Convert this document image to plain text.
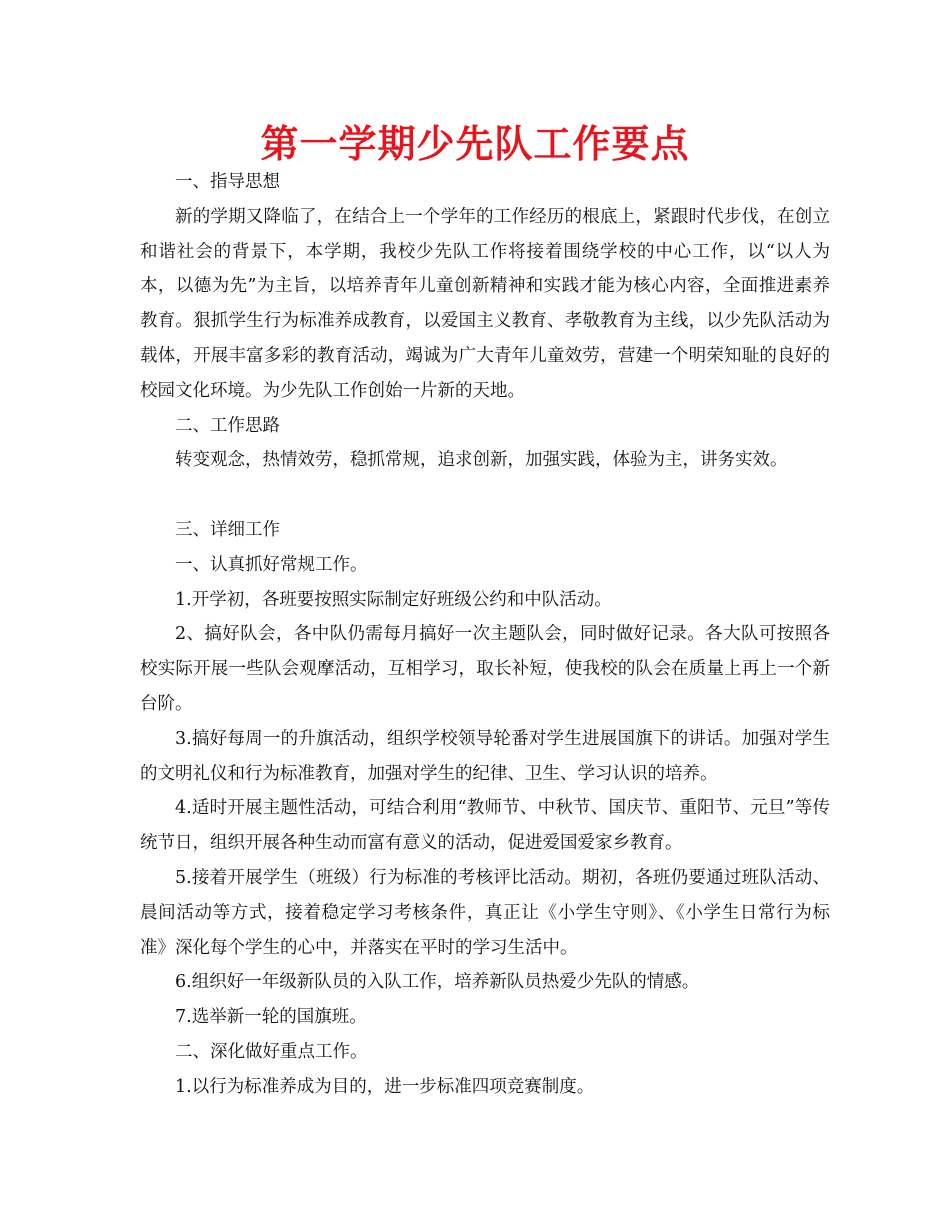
第一学期少先队工作要点

一、指导思想

新的学期又降临了，在结合上一个学年的工作经历的根底上，紧跟时代步伐，在创立和谐社会的背景下，本学期，我校少先队工作将接着围绕学校的中心工作，以“以人为本，以德为先”为主旨，以培养青年儿童创新精神和实践才能为核心内容，全面推进素养教育。狠抓学生行为标准养成教育，以爱国主义教育、孝敬教育为主线，以少先队活动为载体，开展丰富多彩的教育活动，竭诚为广大青年儿童效劳，营建一个明荣知耻的良好的校园文化环境。为少先队工作创始一片新的天地。

二、工作思路

转变观念，热情效劳，稳抓常规，追求创新，加强实践，体验为主，讲务实效。

三、详细工作

一、认真抓好常规工作。

1.开学初，各班要按照实际制定好班级公约和中队活动。

2、搞好队会，各中队仍需每月搞好一次主题队会，同时做好记录。各大队可按照各校实际开展一些队会观摩活动，互相学习，取长补短，使我校的队会在质量上再上一个新台阶。

3.搞好每周一的升旗活动，组织学校领导轮番对学生进展国旗下的讲话。加强对学生的文明礼仪和行为标准教育，加强对学生的纪律、卫生、学习认识的培养。

4.适时开展主题性活动，可结合利用“教师节、中秋节、国庆节、重阳节、元旦”等传统节日，组织开展各种生动而富有意义的活动，促进爱国爱家乡教育。

5.接着开展学生（班级）行为标准的考核评比活动。期初，各班仍要通过班队活动、晨间活动等方式，接着稳定学习考核条件，真正让《小学生守则》、《小学生日常行为标准》深化每个学生的心中，并落实在平时的学习生活中。

6.组织好一年级新队员的入队工作，培养新队员热爱少先队的情感。

7.选举新一轮的国旗班。

二、深化做好重点工作。

1.以行为标准养成为目的，进一步标准四项竞赛制度。
